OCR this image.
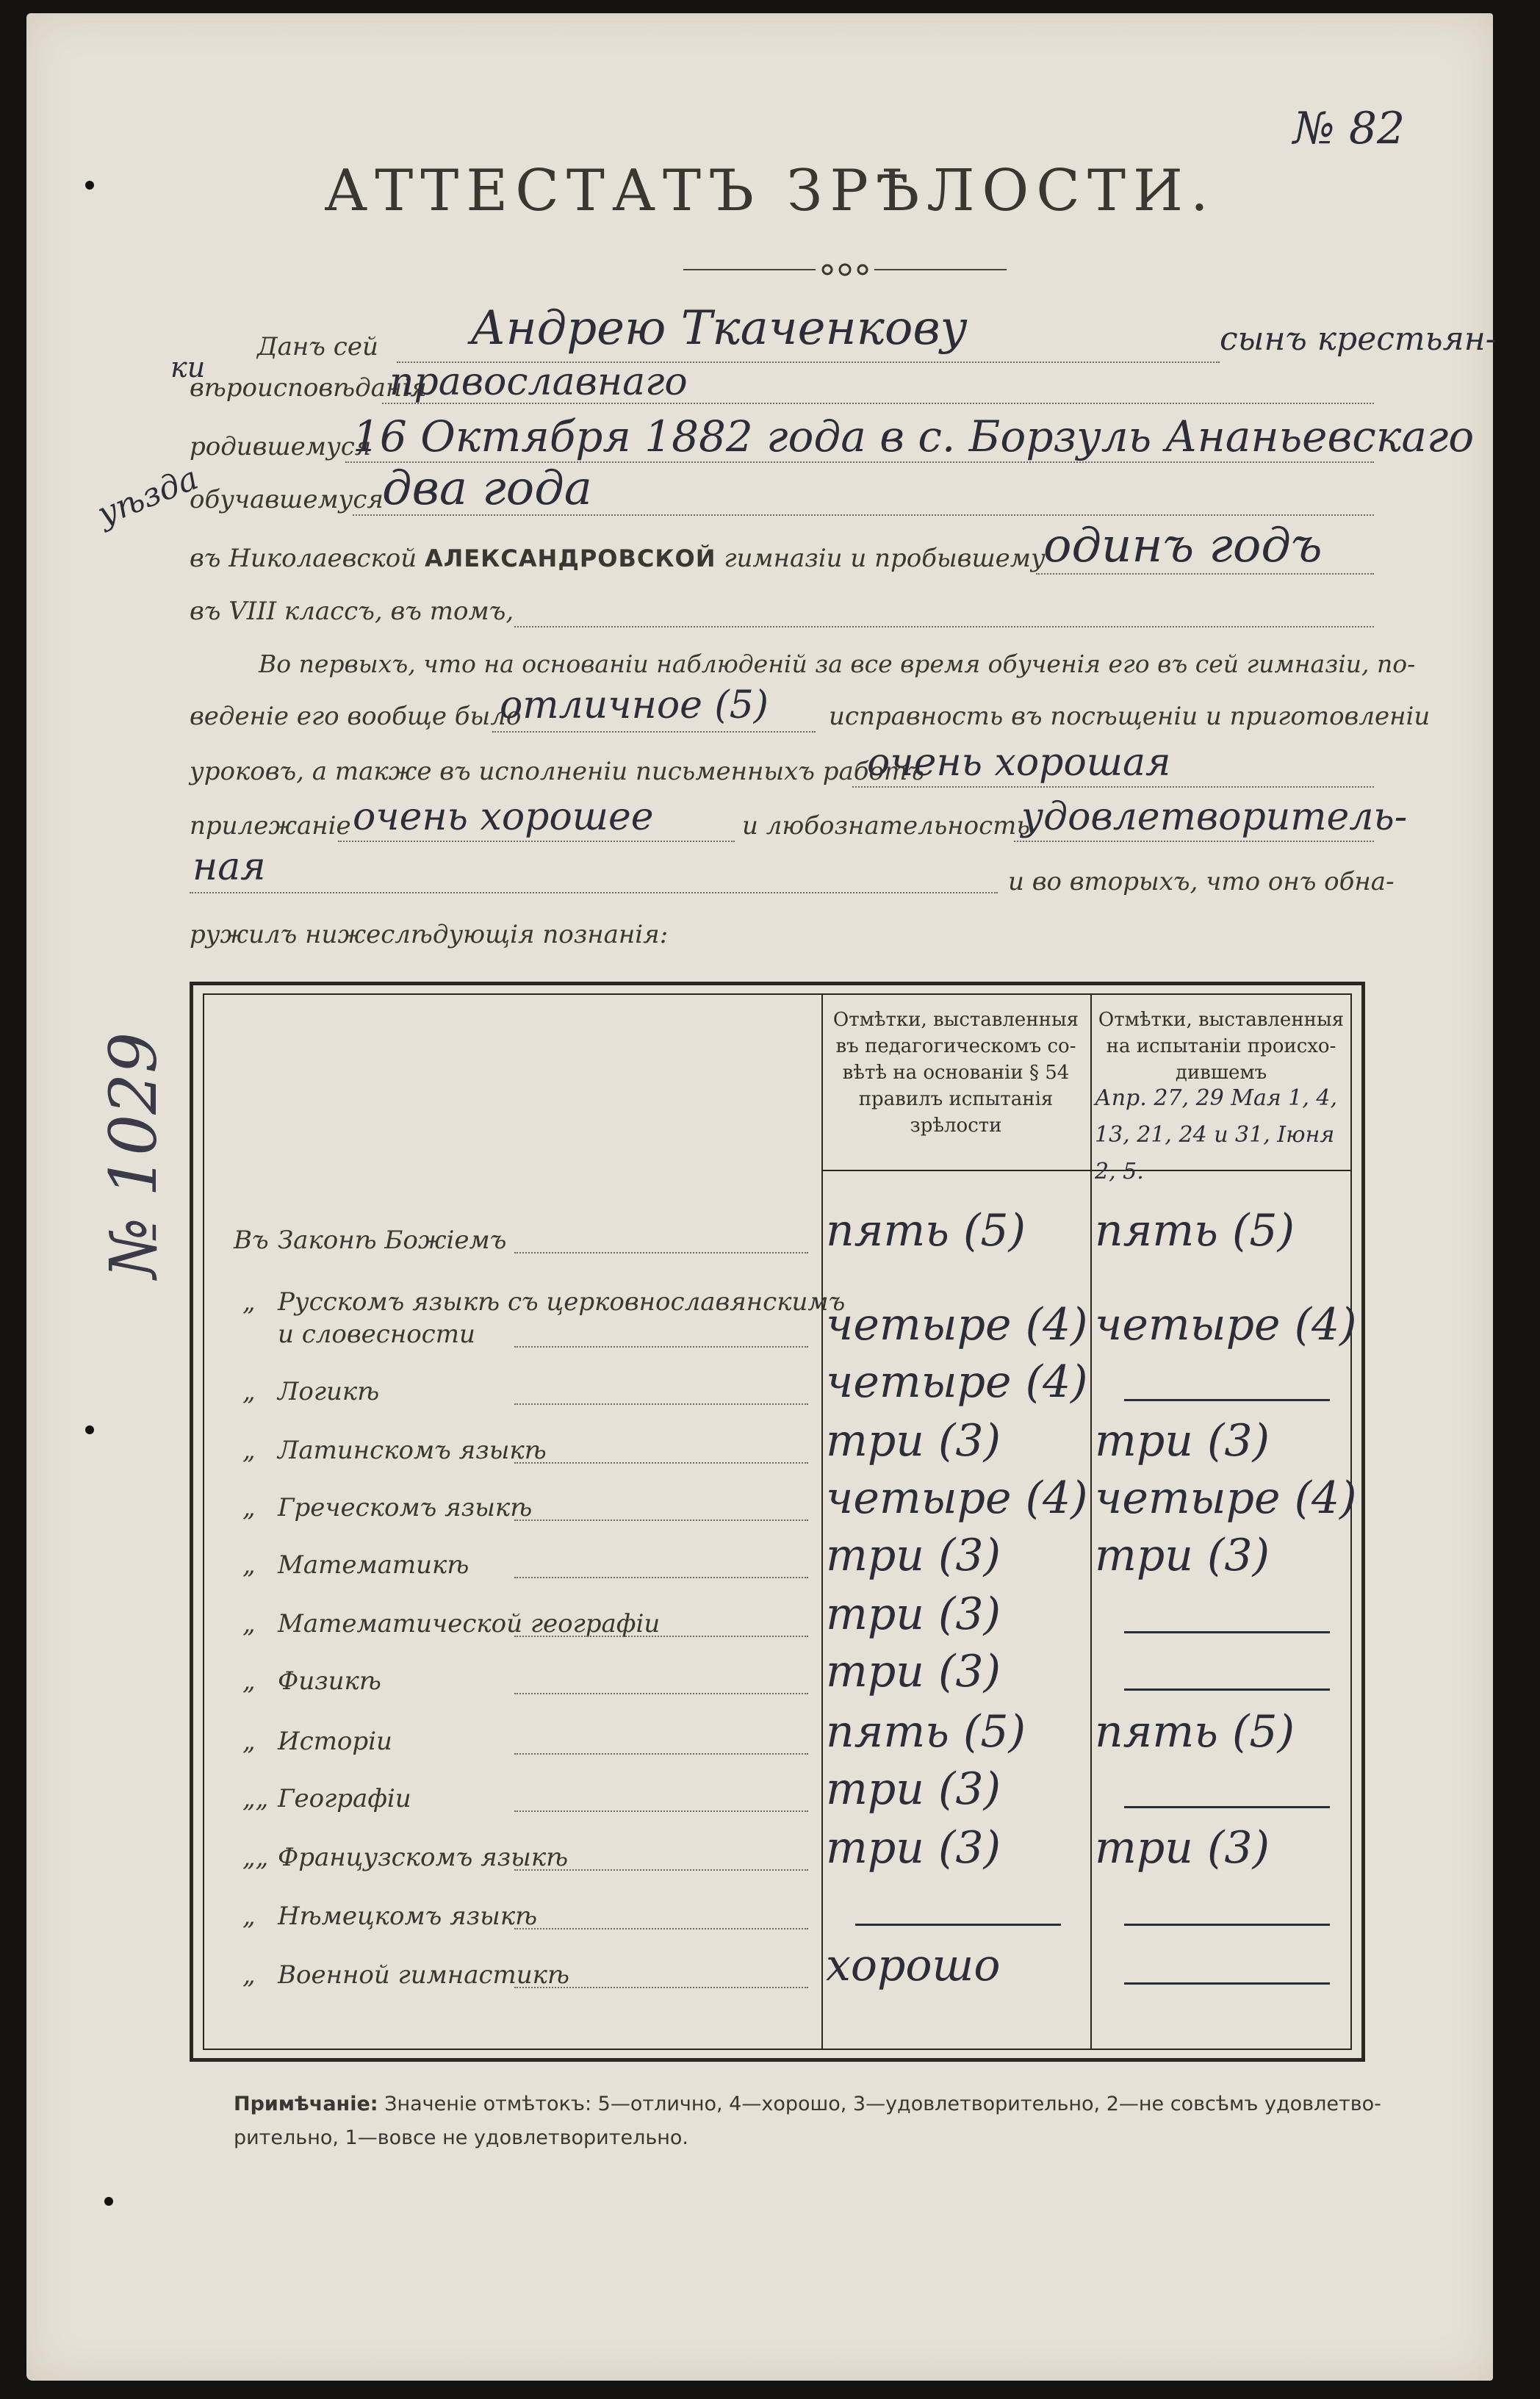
№ 82
АТТЕСТАТЪ ЗРѢЛОСТИ.
Данъ сей Андрею Ткаченкову	сынъ крестьян-
ки
вѣроисповѣданія
православнаго
родившемуся
16 Октября 1882 года в с. Борзуль Ананьевскаго
уѣзда
обучавшемуся
два года
въ Николаевской АЛЕКСАНДРОВСКОЙ гимназіи и пробывшему
одинъ годъ
въ VIII классъ, въ томъ,
Во первыхъ, что на основаніи наблюденій за все время обученія его въ сей гимназіи, по-
веденіе его вообще было
отличное (5) исправность въ посѣщеніи и приготовленіи
уроковъ, а также въ исполненіи письменныхъ работъ
очень хорошая
прилежаніе очень хорошее	и любознательность
удовлетворитель-
ная	и во вторыхъ, что онъ обна-
ружилъ нижеслѣдующія познанія:
Отмѣтки, выставленныя въ педагогическомъ со- вѣтѣ на основаніи § 54 правилъ испытанія зрѣлости
Отмѣтки, выставленныя на испытаніи происхо- дившемъ
Апр. 27, 29 Мая 1, 4, 13, 21, 24 и 31, Іюня 2, 5.
Въ Законѣ Божіемъ	пять (5) пять (5)
„ Русскомъ языкѣ съ церковнославянскимъ
и словесности	четыре (4) четыре (4)
„ Логикѣ	четыре (4)
„ Латинскомъ языкѣ	три (3) три (3)
„ Греческомъ языкѣ	четыре (4) четыре (4)
„ Математикѣ	три (3) три (3)
„ Математической географіи	три (3)
„ Физикѣ	три (3)
„ Исторіи	пять (5) пять (5)
„„ Географіи	три (3)
„„ Французскомъ языкѣ	три (3) три (3)
„ Нѣмецкомъ языкѣ
„ Военной гимнастикѣ	хорошо
Примѣчаніе: Значеніе отмѣтокъ: 5—отлично, 4—хорошо, 3—удовлетворительно, 2—не совсѣмъ удовлетво-
рительно, 1—вовсе не удовлетворительно.
№ 1029
